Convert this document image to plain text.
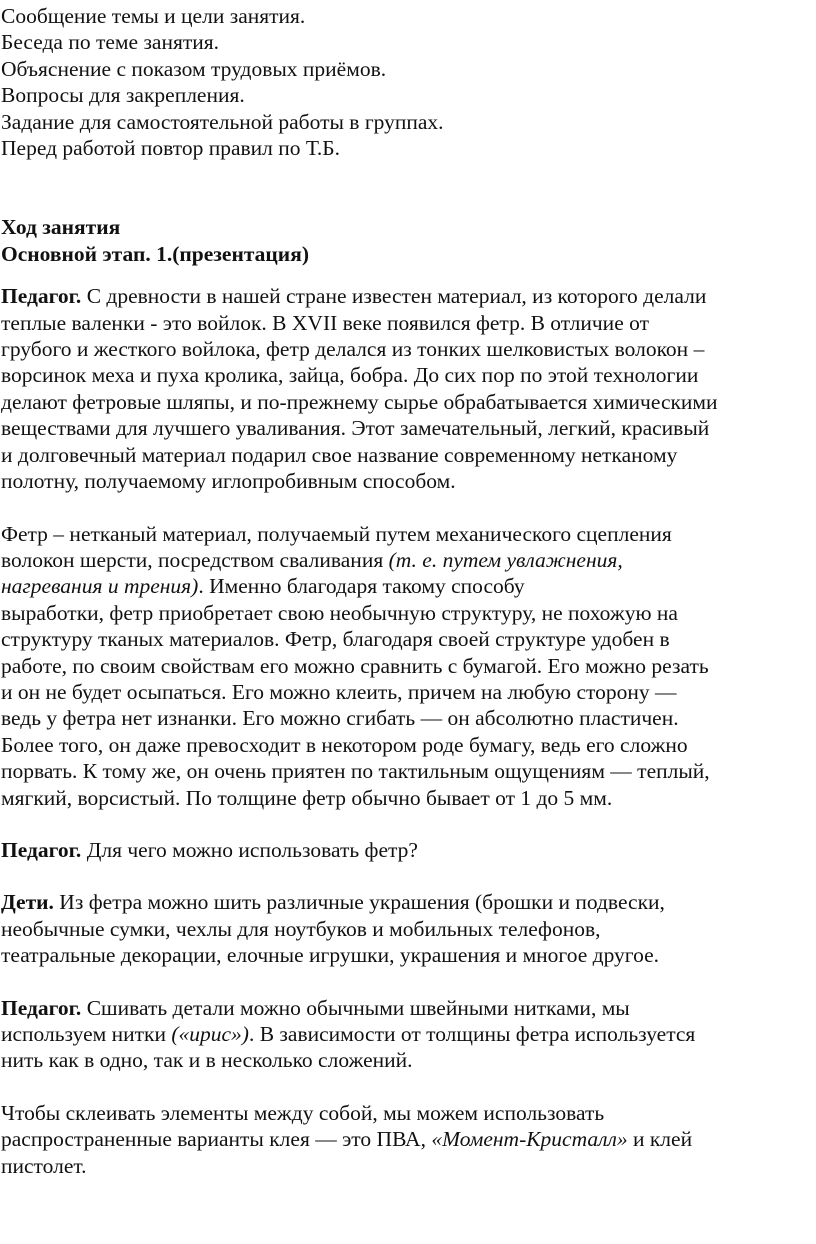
Сообщение темы и цели занятия.
Беседа по теме занятия.
Объяснение с показом трудовых приёмов.
Вопросы для закрепления.
Задание для самостоятельной работы в группах.
Перед работой повтор правил по Т.Б.
Ход занятия
Основной этап. 1.(презентация)

Педагог. С древности в нашей стране известен материал, из которого делали
теплые валенки - это войлок. В XVII веке появился фетр. В отличие от
грубого и жесткого войлока, фетр делался из тонких шелковистых волокон –
ворсинок меха и пуха кролика, зайца, бобра. До сих пор по этой технологии
делают фетровые шляпы, и по-прежнему сырье обрабатывается химическими
веществами для лучшего уваливания. Этот замечательный, легкий, красивый
и долговечный материал подарил свое название современному нетканому
полотну, получаемому иглопробивным способом.

Фетр – нетканый материал, получаемый путем механического сцепления
волокон шерсти, посредством сваливания (т. е. путем увлажнения,
нагревания и трения). Именно благодаря такому способу
выработки, фетр приобретает свою необычную структуру, не похожую на
структуру тканых материалов. Фетр, благодаря своей структуре удобен в
работе, по своим свойствам его можно сравнить с бумагой. Его можно резать
и он не будет осыпаться. Его можно клеить, причем на любую сторону —
ведь у фетра нет изнанки. Его можно сгибать — он абсолютно пластичен.
Более того, он даже превосходит в некотором роде бумагу, ведь его сложно
порвать. К тому же, он очень приятен по тактильным ощущениям — теплый,
мягкий, ворсистый. По толщине фетр обычно бывает от 1 до 5 мм.

Педагог. Для чего можно использовать фетр?

Дети. Из фетра можно шить различные украшения (брошки и подвески,
необычные сумки, чехлы для ноутбуков и мобильных телефонов,
театральные декорации, елочные игрушки, украшения и многое другое.

Педагог. Сшивать детали можно обычными швейными нитками, мы
используем нитки («ирис»). В зависимости от толщины фетра используется
нить как в одно, так и в несколько сложений.

Чтобы склеивать элементы между собой, мы можем использовать
распространенные варианты клея — это ПВА, «Момент-Кристалл» и клей
пистолет.
